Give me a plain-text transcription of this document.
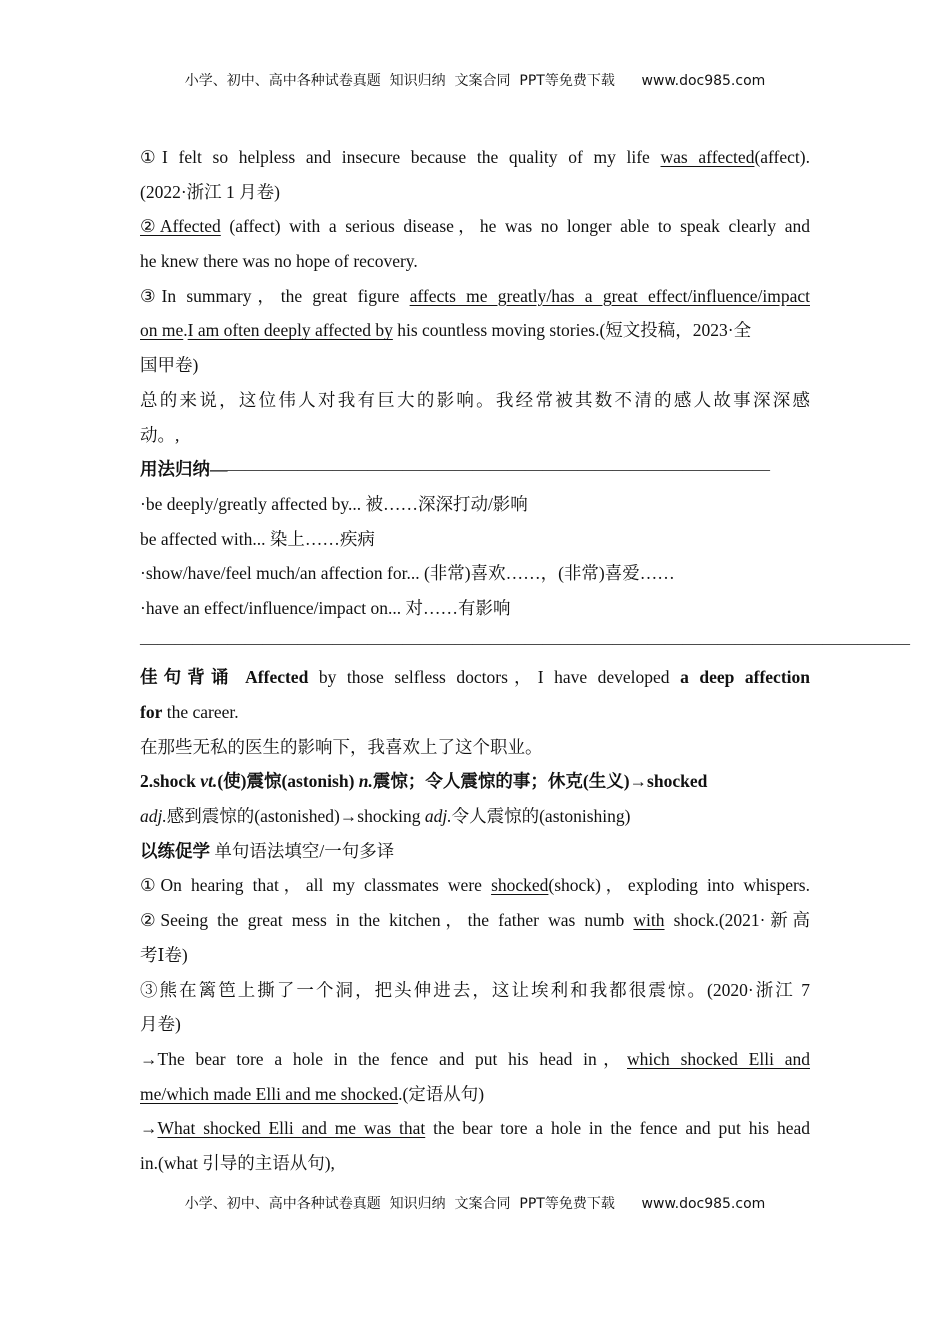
小学、初中、高中各种试卷真题  知识归纳  文案合同  PPT等免费下载 www.doc985.com
①I felt so helpless and insecure because the quality of my life was affected(affect).
(2022·浙江 1 月卷)
②Affected (affect) with a serious disease，he was no longer able to speak clearly and
he knew there was no hope of recovery.
③In summary，the great figure affects me greatly/has a great effect/influence/impact
on me.I am often deeply affected by his countless moving stories.(短文投稿，2023·全
国甲卷)
总的来说，这位伟人对我有巨大的影响。我经常被其数不清的感人故事深深感
动。,
用法归纳————————————————————————————————
·be deeply/greatly affected by... 被……深深打动/影响
be affected with... 染上……疾病
·show/have/feel much/an affection for... (非常)喜欢……，(非常)喜爱……
·have an effect/influence/impact on... 对……有影响
————————————————————————————————————————————
佳句背诵 Affected by those selfless doctors，I have developed a deep affection
for the career.
在那些无私的医生的影响下，我喜欢上了这个职业。
2.shock vt.(使)震惊(astonish) n.震惊；令人震惊的事；休克(生义)→shocked
adj.感到震惊的(astonished)→shocking adj.令人震惊的(astonishing)
以练促学 单句语法填空/一句多译
①On hearing that，all my classmates were shocked(shock)，exploding into whispers.
②Seeing the great mess in the kitchen，the father was numb with shock.(2021·新高
考Ⅰ卷)
③熊在篱笆上撕了一个洞，把头伸进去，这让埃利和我都很震惊。(2020·浙江 7
月卷)
→The bear tore a hole in the fence and put his head in，which shocked Elli and
me/which made Elli and me shocked.(定语从句)
→What shocked Elli and me was that the bear tore a hole in the fence and put his head
in.(what 引导的主语从句),
小学、初中、高中各种试卷真题  知识归纳  文案合同  PPT等免费下载 www.doc985.com
